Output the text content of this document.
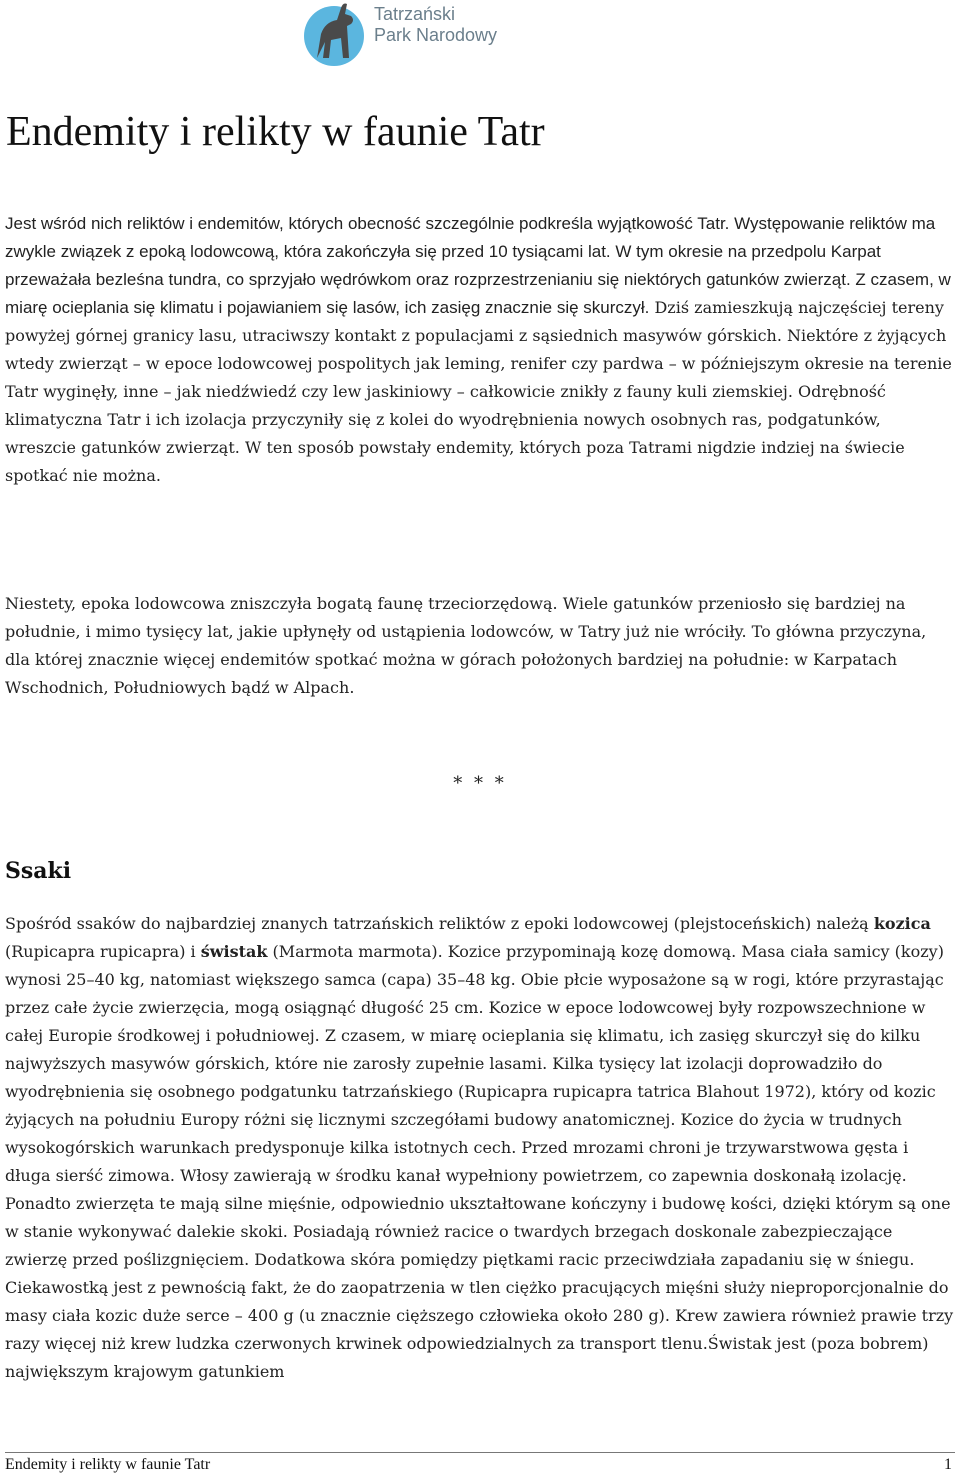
Tatrzański
Park Narodowy
Endemity i relikty w faunie Tatr

Jest wśród nich reliktów i endemitów, których obecność szczególnie podkreśla wyjątkowość Tatr. Występowanie reliktów ma zwykle związek z epoką lodowcową, która zakończyła się przed 10 tysiącami lat. W tym okresie na przedpolu Karpat przeważała bezleśna tundra, co sprzyjało wędrówkom oraz rozprzestrzenianiu się niektórych gatunków zwierząt. Z czasem, w miarę ocieplania się klimatu i pojawianiem się lasów, ich zasięg znacznie się skurczył. Dziś zamieszkują najczęściej tereny powyżej górnej granicy lasu, utraciwszy kontakt z populacjami z sąsiednich masywów górskich. Niektóre z żyjących wtedy zwierząt – w epoce lodowcowej pospolitych jak leming, renifer czy pardwa – w późniejszym okresie na terenie Tatr wyginęły, inne – jak niedźwiedź czy lew jaskiniowy – całkowicie znikły z fauny kuli ziemskiej. Odrębność klimatyczna Tatr i ich izolacja przyczyniły się z kolei do wyodrębnienia nowych osobnych ras, podgatunków, wreszcie gatunków zwierząt. W ten sposób powstały endemity, których poza Tatrami nigdzie indziej na świecie spotkać nie można.

Niestety, epoka lodowcowa zniszczyła bogatą faunę trzeciorzędową. Wiele gatunków przeniosło się bardziej na południe, i mimo tysięcy lat, jakie upłynęły od ustąpienia lodowców, w Tatry już nie wróciły. To główna przyczyna, dla której znacznie więcej endemitów spotkać można w górach położonych bardziej na południe: w Karpatach Wschodnich, Południowych bądź w Alpach.

* * *
Ssaki

Spośród ssaków do najbardziej znanych tatrzańskich reliktów z epoki lodowcowej (plejstoceńskich) należą kozica (Rupicapra rupicapra) i świstak (Marmota marmota). Kozice przypominają kozę domową. Masa ciała samicy (kozy) wynosi 25–40 kg, natomiast większego samca (capa) 35–48 kg. Obie płcie wyposażone są w rogi, które przyrastając przez całe życie zwierzęcia, mogą osiągnąć długość 25 cm. Kozice w epoce lodowcowej były rozpowszechnione w całej Europie środkowej i południowej. Z czasem, w miarę ocieplania się klimatu, ich zasięg skurczył się do kilku najwyższych masywów górskich, które nie zarosły zupełnie lasami. Kilka tysięcy lat izolacji doprowadziło do wyodrębnienia się osobnego podgatunku tatrzańskiego (Rupicapra rupicapra tatrica Blahout 1972), który od kozic żyjących na południu Europy różni się licznymi szczegółami budowy anatomicznej. Kozice do życia w trudnych wysokogórskich warunkach predysponuje kilka istotnych cech. Przed mrozami chroni je trzywarstwowa gęsta i długa sierść zimowa. Włosy zawierają w środku kanał wypełniony powietrzem, co zapewnia doskonałą izolację. Ponadto zwierzęta te mają silne mięśnie, odpowiednio ukształtowane kończyny i budowę kości, dzięki którym są one w stanie wykonywać dalekie skoki. Posiadają również racice o twardych brzegach doskonale zabezpieczające zwierzę przed poślizgnięciem. Dodatkowa skóra pomiędzy piętkami racic przeciwdziała zapadaniu się w śniegu. Ciekawostką jest z pewnością fakt, że do zaopatrzenia w tlen ciężko pracujących mięśni służy nieproporcjonalnie do masy ciała kozic duże serce – 400 g (u znacznie cięższego człowieka około 280 g). Krew zawiera również prawie trzy razy więcej niż krew ludzka czerwonych krwinek odpowiedzialnych za transport tlenu.Świstak jest (poza bobrem) największym krajowym gatunkiem

Endemity i relikty w faunie Tatr	1
